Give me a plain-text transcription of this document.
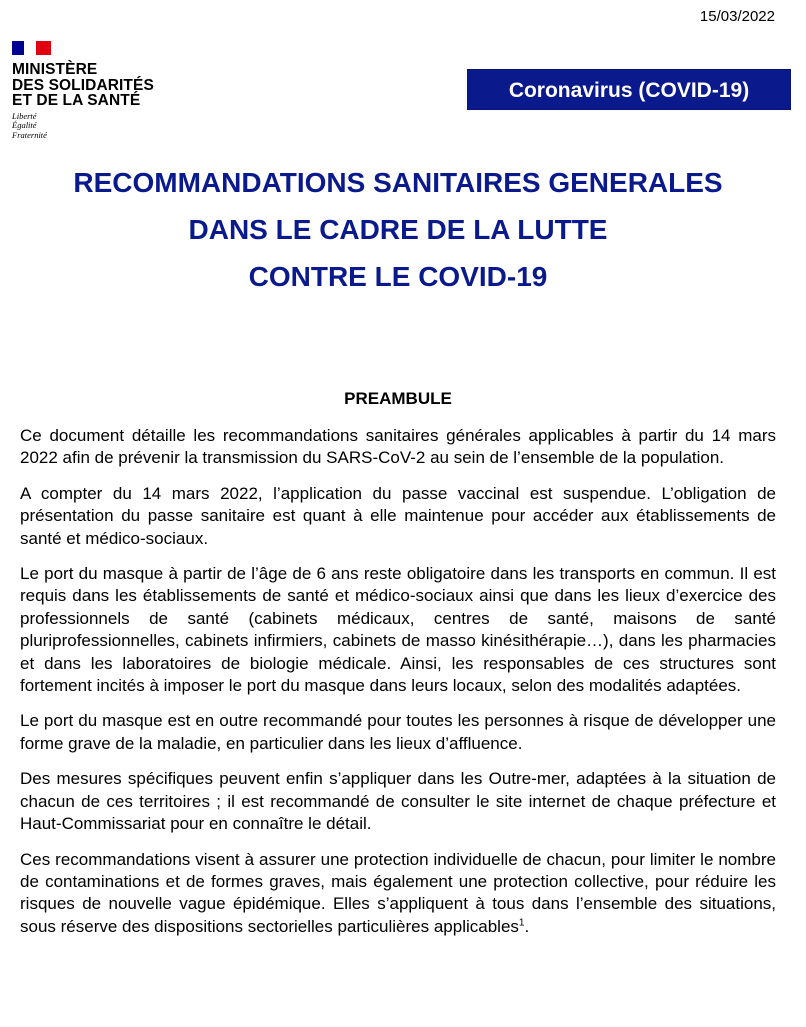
15/03/2022
MINISTÈRE
DES SOLIDARITÉS
ET DE LA SANTÉ
Liberté
Égalité
Fraternité
Coronavirus (COVID-19)
RECOMMANDATIONS SANITAIRES GENERALES
DANS LE CADRE DE LA LUTTE
CONTRE LE COVID-19
PREAMBULE

Ce document détaille les recommandations sanitaires générales applicables à partir du 14 mars 2022 afin de prévenir la transmission du SARS-CoV-2 au sein de l’ensemble de la population.

A compter du 14 mars 2022, l’application du passe vaccinal est suspendue. L’obligation de présentation du passe sanitaire est quant à elle maintenue pour accéder aux établissements de santé et médico-sociaux.

Le port du masque à partir de l’âge de 6 ans reste obligatoire dans les transports en commun. Il est requis dans les établissements de santé et médico-sociaux ainsi que dans les lieux d’exercice des professionnels de santé (cabinets médicaux, centres de santé, maisons de santé pluriprofessionnelles, cabinets infirmiers, cabinets de masso kinésithérapie…), dans les pharmacies et dans les laboratoires de biologie médicale. Ainsi, les responsables de ces structures sont fortement incités à imposer le port du masque dans leurs locaux, selon des modalités adaptées.

Le port du masque est en outre recommandé pour toutes les personnes à risque de développer une forme grave de la maladie, en particulier dans les lieux d’affluence.

Des mesures spécifiques peuvent enfin s’appliquer dans les Outre-mer, adaptées à la situation de chacun de ces territoires ; il est recommandé de consulter le site internet de chaque préfecture et Haut-Commissariat pour en connaître le détail.

Ces recommandations visent à assurer une protection individuelle de chacun, pour limiter le nombre de contaminations et de formes graves, mais également une protection collective, pour réduire les risques de nouvelle vague épidémique. Elles s’appliquent à tous dans l’ensemble des situations, sous réserve des dispositions sectorielles particulières applicables$^1$.
